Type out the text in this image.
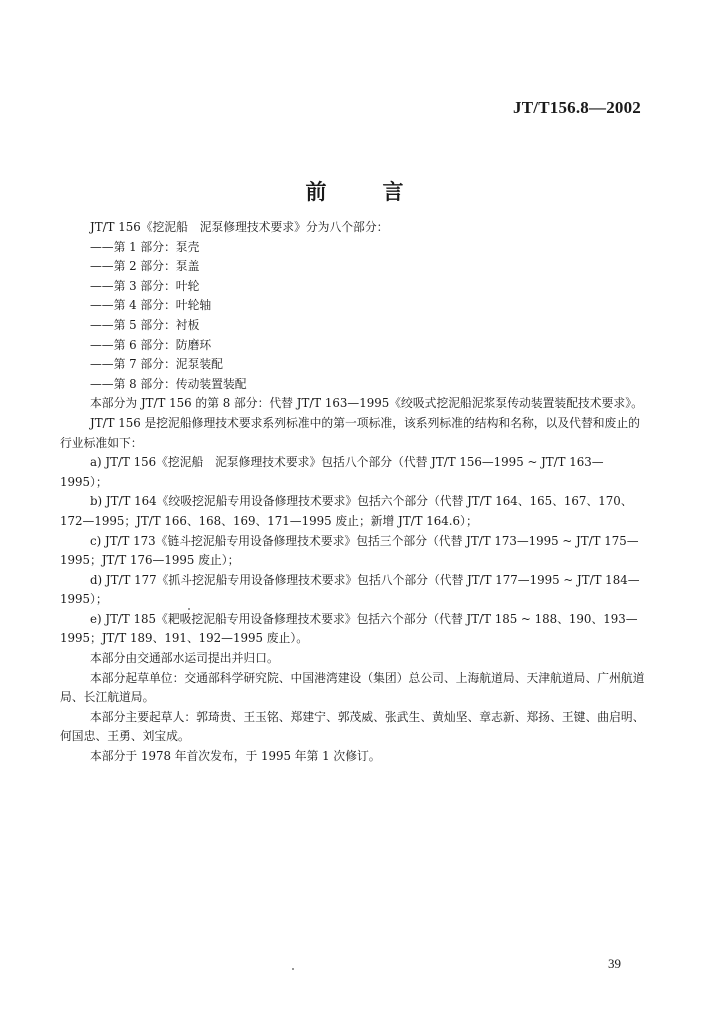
JT/T156.8—2002
前言

JT/T 156《挖泥船　泥泵修理技术要求》分为八个部分：

——第 1 部分：泵壳

——第 2 部分：泵盖

——第 3 部分：叶轮

——第 4 部分：叶轮轴

——第 5 部分：衬板

——第 6 部分：防磨环

——第 7 部分：泥泵装配

——第 8 部分：传动装置装配

本部分为 JT/T 156 的第 8 部分：代替 JT/T 163—1995《绞吸式挖泥船泥浆泵传动装置装配技术要求》。

JT/T 156 是挖泥船修理技术要求系列标准中的第一项标准，该系列标准的结构和名称，以及代替和废止的行业标准如下：

a) JT/T 156《挖泥船　泥泵修理技术要求》包括八个部分（代替 JT/T 156—1995 ~ JT/T 163—1995）；

b) JT/T 164《绞吸挖泥船专用设备修理技术要求》包括六个部分（代替 JT/T 164、165、167、170、172—1995；JT/T 166、168、169、171—1995 废止；新增 JT/T 164.6）；

c) JT/T 173《链斗挖泥船专用设备修理技术要求》包括三个部分（代替 JT/T 173—1995 ~ JT/T 175—1995；JT/T 176—1995 废止）；

d) JT/T 177《抓斗挖泥船专用设备修理技术要求》包括八个部分（代替 JT/T 177—1995 ~ JT/T 184—1995）；

e) JT/T 185《耙吸挖泥船专用设备修理技术要求》包括六个部分（代替 JT/T 185 ~ 188、190、193—1995；JT/T 189、191、192—1995 废止）。

本部分由交通部水运司提出并归口。

本部分起草单位：交通部科学研究院、中国港湾建设（集团）总公司、上海航道局、天津航道局、广州航道局、长江航道局。

本部分主要起草人：郭琦贵、王玉铭、郑建宁、郭茂威、张武生、黄灿坚、章志新、郑扬、王键、曲启明、何国忠、王勇、刘宝成。

本部分于 1978 年首次发布，于 1995 年第 1 次修订。

39
